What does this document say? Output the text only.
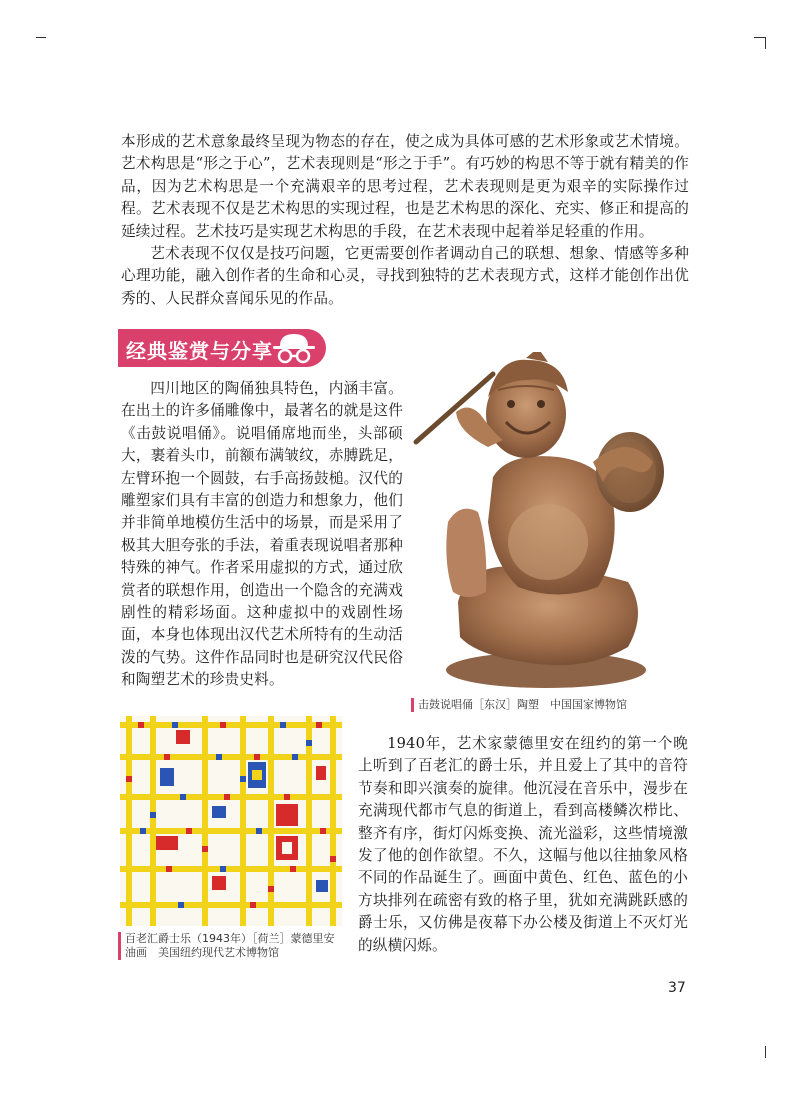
本形成的艺术意象最终呈现为物态的存在，使之成为具体可感的艺术形象或艺术情境。艺术构思是“形之于心”，艺术表现则是“形之于手”。有巧妙的构思不等于就有精美的作品，因为艺术构思是一个充满艰辛的思考过程，艺术表现则是更为艰辛的实际操作过程。艺术表现不仅是艺术构思的实现过程，也是艺术构思的深化、充实、修正和提高的延续过程。艺术技巧是实现艺术构思的手段，在艺术表现中起着举足轻重的作用。

艺术表现不仅仅是技巧问题，它更需要创作者调动自己的联想、想象、情感等多种心理功能，融入创作者的生命和心灵，寻找到独特的艺术表现方式，这样才能创作出优秀的、人民群众喜闻乐见的作品。

经典鉴赏与分享

四川地区的陶俑独具特色，内涵丰富。在出土的许多俑雕像中，最著名的就是这件《击鼓说唱俑》。说唱俑席地而坐，头部硕大，裹着头巾，前额布满皱纹，赤膊跣足，左臂环抱一个圆鼓，右手高扬鼓槌。汉代的雕塑家们具有丰富的创造力和想象力，他们并非简单地模仿生活中的场景，而是采用了极其大胆夸张的手法，着重表现说唱者那种特殊的神气。作者采用虚拟的方式，通过欣赏者的联想作用，创造出一个隐含的充满戏剧性的精彩场面。这种虚拟中的戏剧性场面，本身也体现出汉代艺术所特有的生动活泼的气势。这件作品同时也是研究汉代民俗和陶塑艺术的珍贵史料。

击鼓说唱俑［东汉］陶塑　中国国家博物馆
百老汇爵士乐（1943年）［荷兰］蒙德里安
油画　美国纽约现代艺术博物馆

1940年，艺术家蒙德里安在纽约的第一个晚上听到了百老汇的爵士乐，并且爱上了其中的音符节奏和即兴演奏的旋律。他沉浸在音乐中，漫步在充满现代都市气息的街道上，看到高楼鳞次栉比、整齐有序，街灯闪烁变换、流光溢彩，这些情境激发了他的创作欲望。不久，这幅与他以往抽象风格不同的作品诞生了。画面中黄色、红色、蓝色的小方块排列在疏密有致的格子里，犹如充满跳跃感的爵士乐，又仿佛是夜幕下办公楼及街道上不灭灯光的纵横闪烁。

37
